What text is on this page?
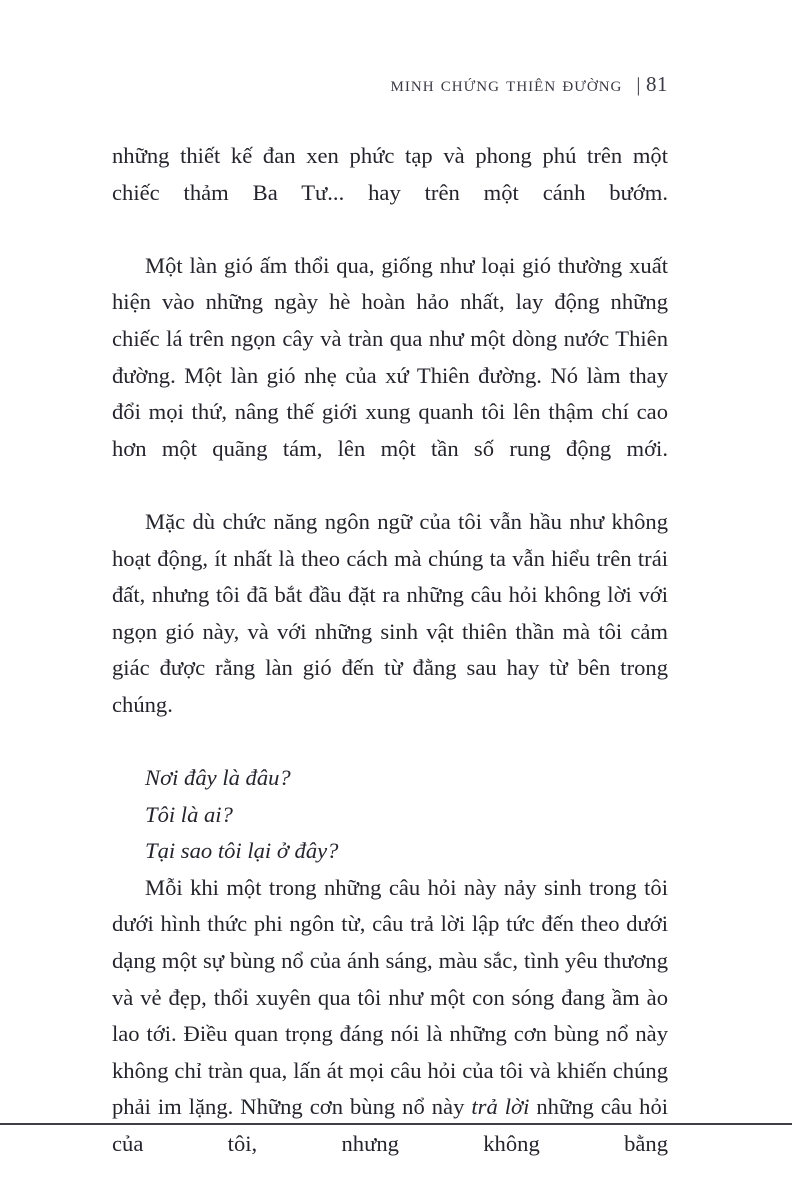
minh chứng thiên đường | 81

những thiết kế đan xen phức tạp và phong phú trên một chiếc thảm Ba Tư... hay trên một cánh bướm.

Một làn gió ấm thổi qua, giống như loại gió thường xuất hiện vào những ngày hè hoàn hảo nhất, lay động những chiếc lá trên ngọn cây và tràn qua như một dòng nước Thiên đường. Một làn gió nhẹ của xứ Thiên đường. Nó làm thay đổi mọi thứ, nâng thế giới xung quanh tôi lên thậm chí cao hơn một quãng tám, lên một tần số rung động mới.

Mặc dù chức năng ngôn ngữ của tôi vẫn hầu như không hoạt động, ít nhất là theo cách mà chúng ta vẫn hiểu trên trái đất, nhưng tôi đã bắt đầu đặt ra những câu hỏi không lời với ngọn gió này, và với những sinh vật thiên thần mà tôi cảm giác được rằng làn gió đến từ đằng sau hay từ bên trong chúng.

Nơi đây là đâu?

Tôi là ai?

Tại sao tôi lại ở đây?

Mỗi khi một trong những câu hỏi này nảy sinh trong tôi dưới hình thức phi ngôn từ, câu trả lời lập tức đến theo dưới dạng một sự bùng nổ của ánh sáng, màu sắc, tình yêu thương và vẻ đẹp, thổi xuyên qua tôi như một con sóng đang ầm ào lao tới. Điều quan trọng đáng nói là những cơn bùng nổ này không chỉ tràn qua, lấn át mọi câu hỏi của tôi và khiến chúng phải im lặng. Những cơn bùng nổ này trả lời những câu hỏi của tôi, nhưng không bằng
